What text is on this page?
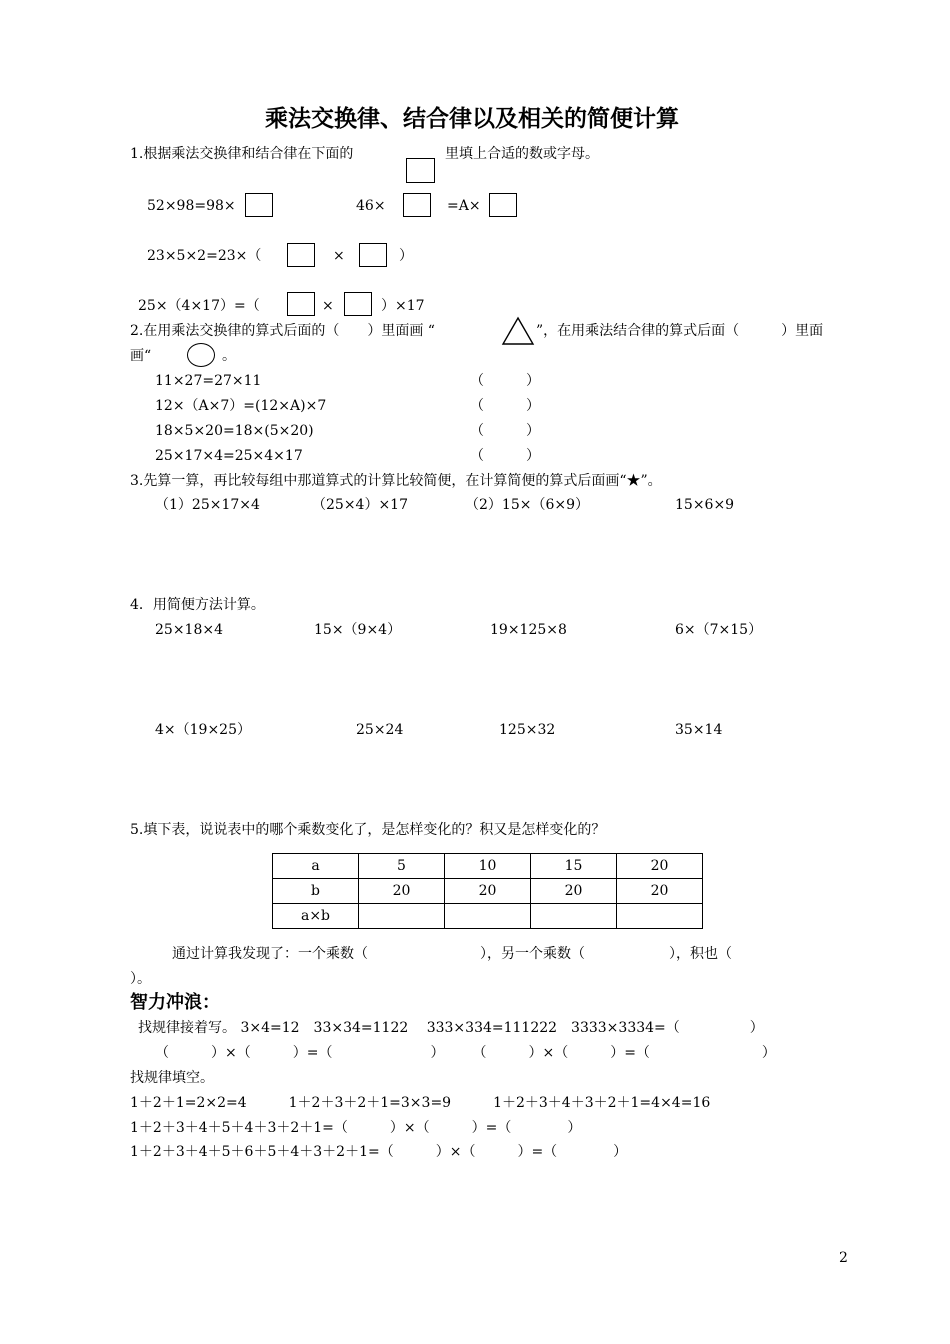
乘法交换律、结合律以及相关的简便计算
1.根据乘法交换律和结合律在下面的	里填上合适的数或字母。
52×98=98×	46×	=A×
23×5×2=23×（	×	）
25×（4×17）=（	×	）×17
2.在用乘法交换律的算式后面的（　　）里面画 “	”，在用乘法结合律的算式后面（　　　）里面
画“	。
11×27=27×11	（　　　）
12×（A×7）=(12×A)×7	（　　　）
18×5×20=18×(5×20)	（　　　）
25×17×4=25×4×17	（　　　）
3.先算一算，再比较每组中那道算式的计算比较简便，在计算简便的算式后面画“★”。
（1）25×17×4	（25×4）×17	（2）15×（6×9）	15×6×9
4．用简便方法计算。
25×18×4	15×（9×4）	19×125×8	6×（7×15）
4×（19×25）	25×24	125×32	35×14
5.填下表，说说表中的哪个乘数变化了，是怎样变化的？积又是怎样变化的？
a	5	10	15	20
b	20	20	20	20
a×b				
通过计算我发现了：一个乘数（　　　　　　　　），另一个乘数（　　　　　　），积也（
）。
智力冲浪：
找规律接着写。 3×4=12　33×34=1122　 333×334=111222　3333×3334=（　　　　　）
（　　　）×（　　　）=（　　　　　　　）　　　（　　　）×（　　　）=（　　　　　　　　）
找规律填空。
1＋2＋1=2×2=4　　　1＋2＋3＋2＋1=3×3=9　　　1＋2＋3＋4＋3＋2＋1=4×4=16
1＋2＋3＋4＋5＋4＋3＋2＋1=（　　　）×（　　　）=（　　　　）
1＋2＋3＋4＋5＋6＋5＋4＋3＋2＋1=（　　　）×（　　　）=（　　　　）
2
